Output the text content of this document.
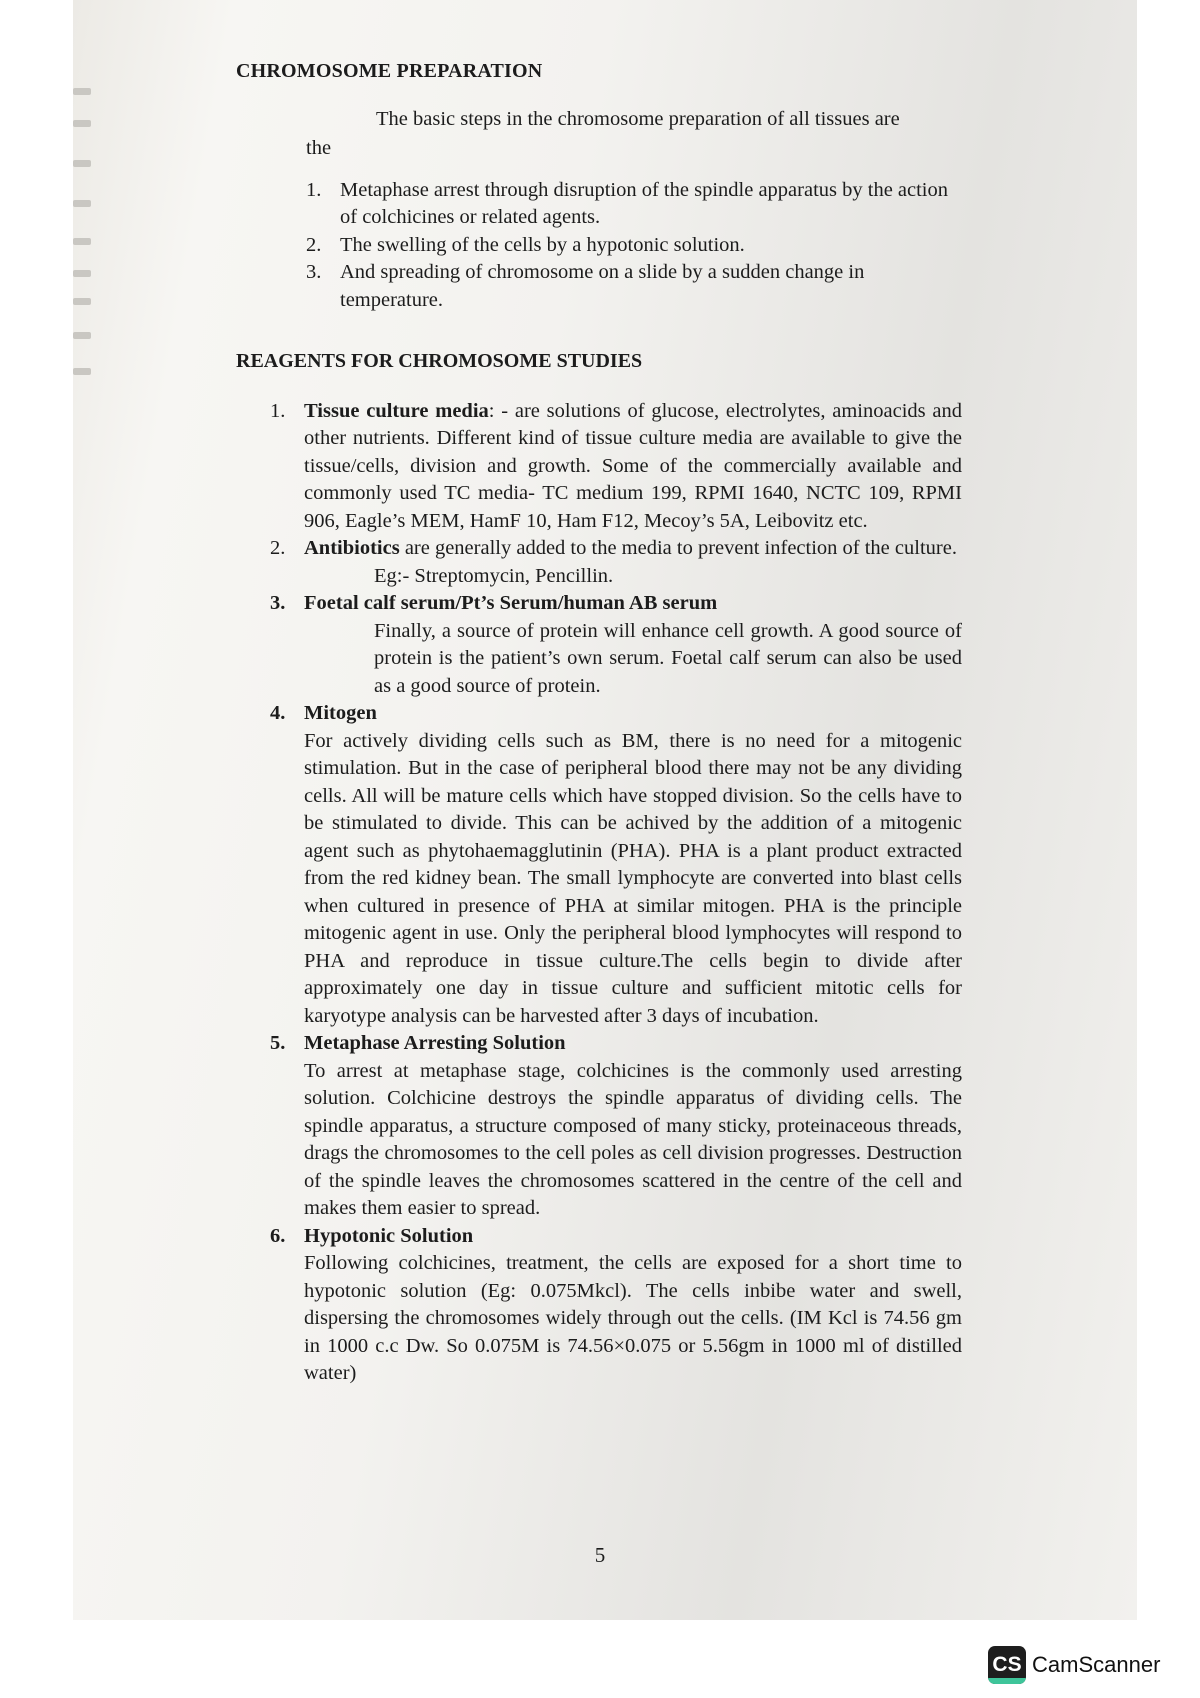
CHROMOSOME PREPARATION
The basic steps in the chromosome preparation of all tissues are
the
1. Metaphase arrest through disruption of the spindle apparatus by the action of colchicines or related agents.
2. The swelling of the cells by a hypotonic solution.
3. And spreading of chromosome on a slide by a sudden change in temperature.
REAGENTS FOR CHROMOSOME STUDIES
1. Tissue culture media: - are solutions of glucose, electrolytes, aminoacids and other nutrients. Different kind of tissue culture media are available to give the tissue/cells, division and growth. Some of the commercially available and commonly used TC media- TC medium 199, RPMI 1640, NCTC 109, RPMI 906, Eagle’s MEM, HamF 10, Ham F12, Mecoy’s 5A, Leibovitz etc.
2. Antibiotics are generally added to the media to prevent infection of the culture.
Eg:- Streptomycin, Pencillin.
3. Foetal calf serum/Pt’s Serum/human AB serum
Finally, a source of protein will enhance cell growth. A good source of protein is the patient’s own serum. Foetal calf serum can also be used as a good source of protein.
4. Mitogen
For actively dividing cells such as BM, there is no need for a mitogenic stimulation. But in the case of peripheral blood there may not be any dividing cells. All will be mature cells which have stopped division. So the cells have to be stimulated to divide. This can be achived by the addition of a mitogenic agent such as phytohaemagglutinin (PHA). PHA is a plant product extracted from the red kidney bean. The small lymphocyte are converted into blast cells when cultured in presence of PHA at similar mitogen. PHA is the principle mitogenic agent in use. Only the peripheral blood lymphocytes will respond to PHA and reproduce in tissue culture.The cells begin to divide after approximately one day in tissue culture and sufficient mitotic cells for karyotype analysis can be harvested after 3 days of incubation.
5. Metaphase Arresting Solution
To arrest at metaphase stage, colchicines is the commonly used arresting solution. Colchicine destroys the spindle apparatus of dividing cells. The spindle apparatus, a structure composed of many sticky, proteinaceous threads, drags the chromosomes to the cell poles as cell division progresses. Destruction of the spindle leaves the chromosomes scattered in the centre of the cell and makes them easier to spread.
6. Hypotonic Solution
Following colchicines, treatment, the cells are exposed for a short time to hypotonic solution (Eg: 0.075Mkcl). The cells inbibe water and swell, dispersing the chromosomes widely through out the cells. (IM Kcl is 74.56 gm in 1000 c.c Dw. So 0.075M is 74.56×0.075 or 5.56gm in 1000 ml of distilled water)
5
CS CamScanner
